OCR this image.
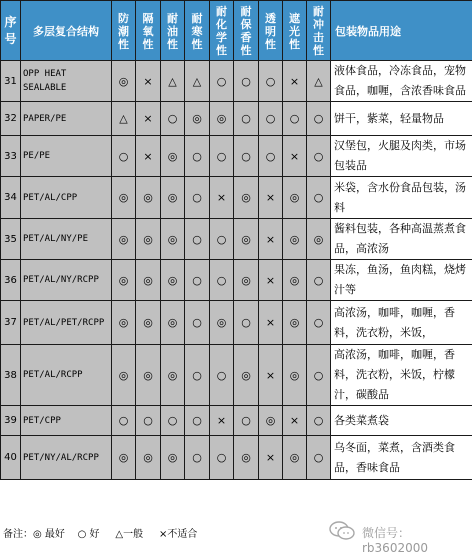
序号	多层复合结构	防潮性	隔氧性	耐油性	耐寒性	耐化学性	耐保香性	透明性	遮光性	耐冲击性	包装物品用途
31	OPP HEAT SEALABLE	◎	×	△	△	○	○	○	×	△	液体食品，冷冻食品，宠物食品，咖喱，含浓香味食品
32	PAPER/PE	△	×	○	◎	◎	○	○	○	○	饼干，紫菜，轻量物品
33	PE/PE	○	×	◎	○	○	○	○	×	○	汉堡包，火腿及肉类，市场包装品
34	PET/AL/CPP	◎	◎	◎	○	×	◎	×	◎	○	米袋，含水份食品包装，汤料
35	PET/AL/NY/PE	◎	◎	◎	○	○	◎	×	◎	◎	酱料包装，各种高温蒸煮食品，高浓汤
36	PET/AL/NY/RCPP	◎	◎	◎	○	○	◎	×	◎	○	果冻，鱼汤，鱼肉糕，烧烤汁等
37	PET/AL/PET/RCPP	◎	◎	◎	○	◎	○	×	◎	○	高浓汤，咖啡，咖喱，香料，洗衣粉，米饭，
38	PET/AL/RCPP	◎	◎	◎	○	○	◎	×	◎	○	高浓汤，咖啡，咖喱，香料，洗衣粉，米饭，柠檬汁，碳酸品
39	PET/CPP	○	○	○	○	×	○	◎	×	○	各类菜煮袋
40	PET/NY/AL/RCPP	◎	◎	◎	○	○	◎	×	◎	○	乌冬面，菜煮，含酒类食品，香味食品
备注：◎ 最好    ○ 好     △一般     ×不适合	微信号：rb3602000
